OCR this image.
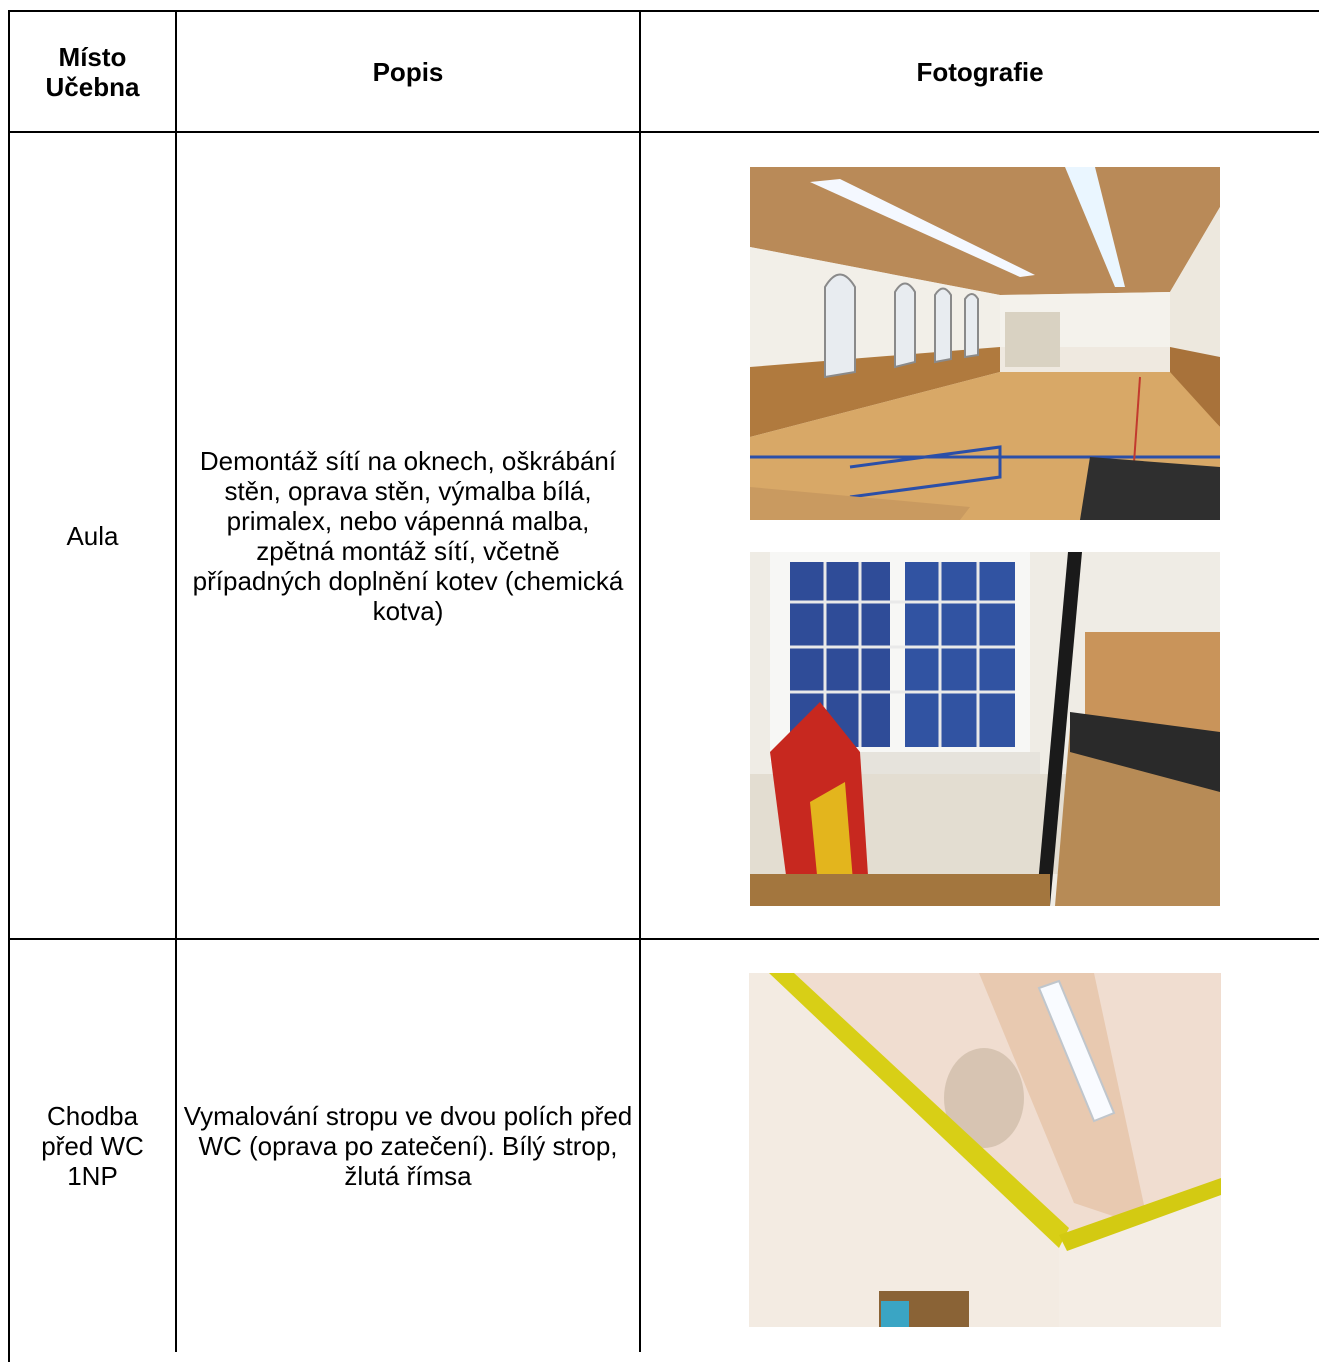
Místo
Učebna	Popis	Fotografie
Aula
Demontáž sítí na oknech, oškrábání stěn, oprava stěn, výmalba bílá, primalex, nebo vápenná malba, zpětná montáž sítí, včetně případných doplnění kotev (chemická kotva)
Chodba před WC 1NP
Vymalování stropu ve dvou polích před WC (oprava po zatečení). Bílý strop, žlutá římsa
